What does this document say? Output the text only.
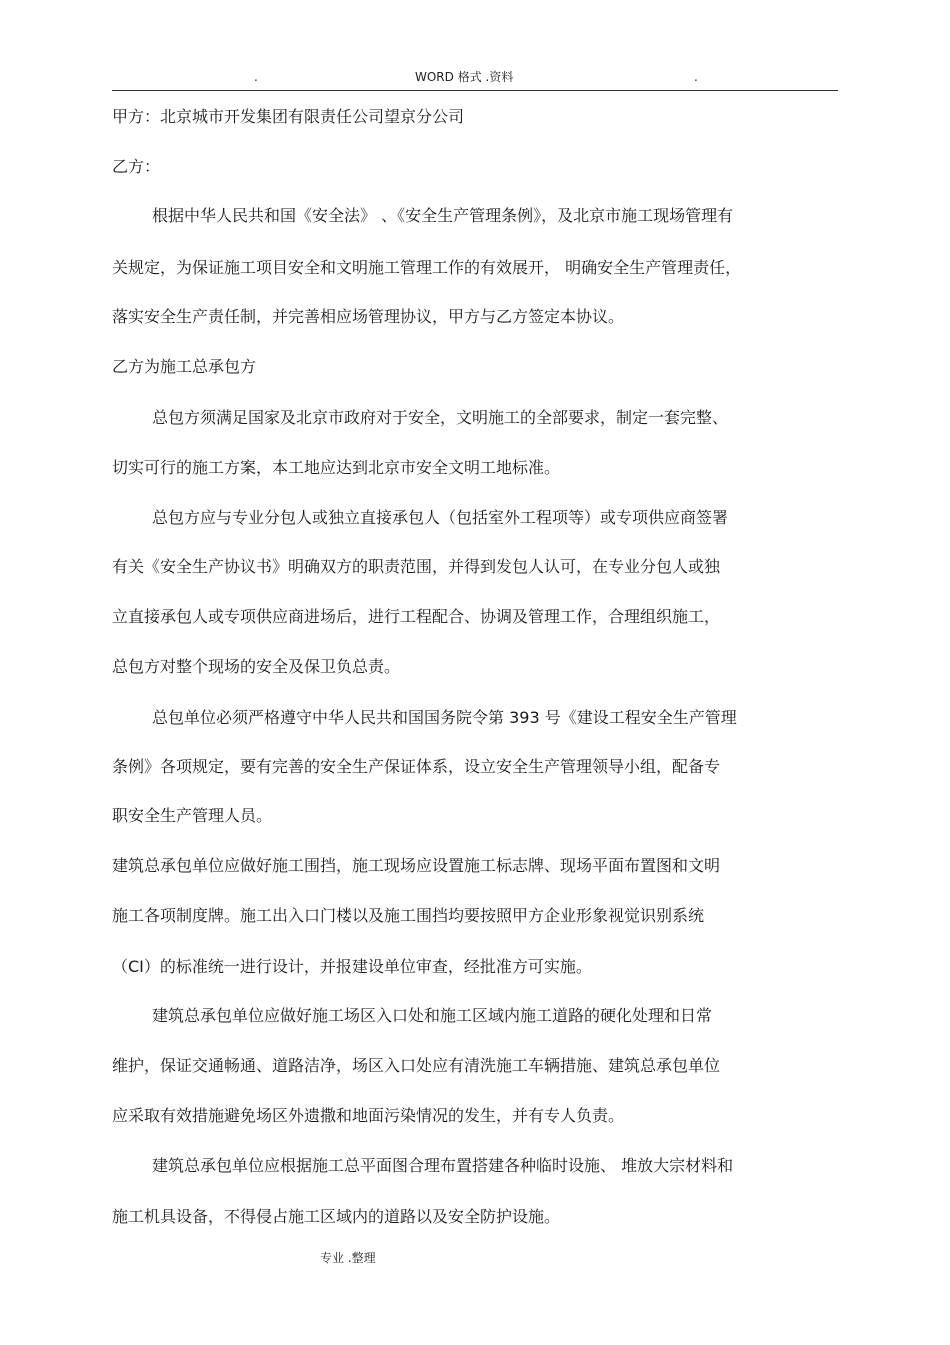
.	WORD 格式 .资料	.
甲方：北京城市开发集团有限责任公司望京分公司
乙方：
根据中华人民共和国《安全法》 、《安全生产管理条例》，及北京市施工现场管理有
关规定，为保证施工项目安全和文明施工管理工作的有效展开， 明确安全生产管理责任，
落实安全生产责任制，并完善相应场管理协议，甲方与乙方签定本协议。
乙方为施工总承包方
总包方须满足国家及北京市政府对于安全，文明施工的全部要求，制定一套完整、
切实可行的施工方案，本工地应达到北京市安全文明工地标准。
总包方应与专业分包人或独立直接承包人（包括室外工程项等）或专项供应商签署
有关《安全生产协议书》明确双方的职责范围，并得到发包人认可，在专业分包人或独
立直接承包人或专项供应商进场后，进行工程配合、协调及管理工作，合理组织施工，
总包方对整个现场的安全及保卫负总责。
总包单位必须严格遵守中华人民共和国国务院令第 393 号《建设工程安全生产管理
条例》各项规定，要有完善的安全生产保证体系，设立安全生产管理领导小组，配备专
职安全生产管理人员。
建筑总承包单位应做好施工围挡，施工现场应设置施工标志牌、现场平面布置图和文明
施工各项制度牌。施工出入口门楼以及施工围挡均要按照甲方企业形象视觉识别系统
（CI）的标准统一进行设计，并报建设单位审查，经批准方可实施。
建筑总承包单位应做好施工场区入口处和施工区域内施工道路的硬化处理和日常
维护，保证交通畅通、道路洁净，场区入口处应有清洗施工车辆措施、建筑总承包单位
应采取有效措施避免场区外遗撒和地面污染情况的发生，并有专人负责。
建筑总承包单位应根据施工总平面图合理布置搭建各种临时设施、 堆放大宗材料和
施工机具设备，不得侵占施工区域内的道路以及安全防护设施。
专业 .整理
